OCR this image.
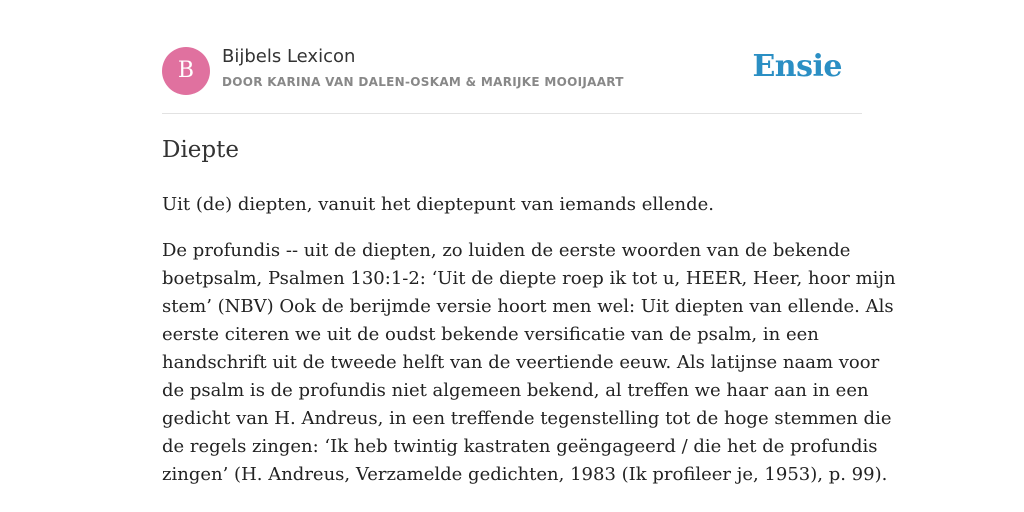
B
Bijbels Lexicon
DOOR KARINA VAN DALEN-OSKAM & MARIJKE MOOIJAART	Ensie
Diepte

Uit (de) diepten, vanuit het dieptepunt van iemands ellende.

De profundis -- uit de diepten, zo luiden de eerste woorden van de bekende
boetpsalm, Psalmen 130:1-2: ‘Uit de diepte roep ik tot u, HEER, Heer, hoor mijn
stem’ (NBV) Ook de berijmde versie hoort men wel: Uit diepten van ellende. Als
eerste citeren we uit de oudst bekende versificatie van de psalm, in een
handschrift uit de tweede helft van de veertiende eeuw. Als latijnse naam voor
de psalm is de profundis niet algemeen bekend, al treffen we haar aan in een
gedicht van H. Andreus, in een treffende tegenstelling tot de hoge stemmen die
de regels zingen: ‘Ik heb twintig kastraten geëngageerd / die het de profundis
zingen’ (H. Andreus, Verzamelde gedichten, 1983 (Ik profileer je, 1953), p. 99).
